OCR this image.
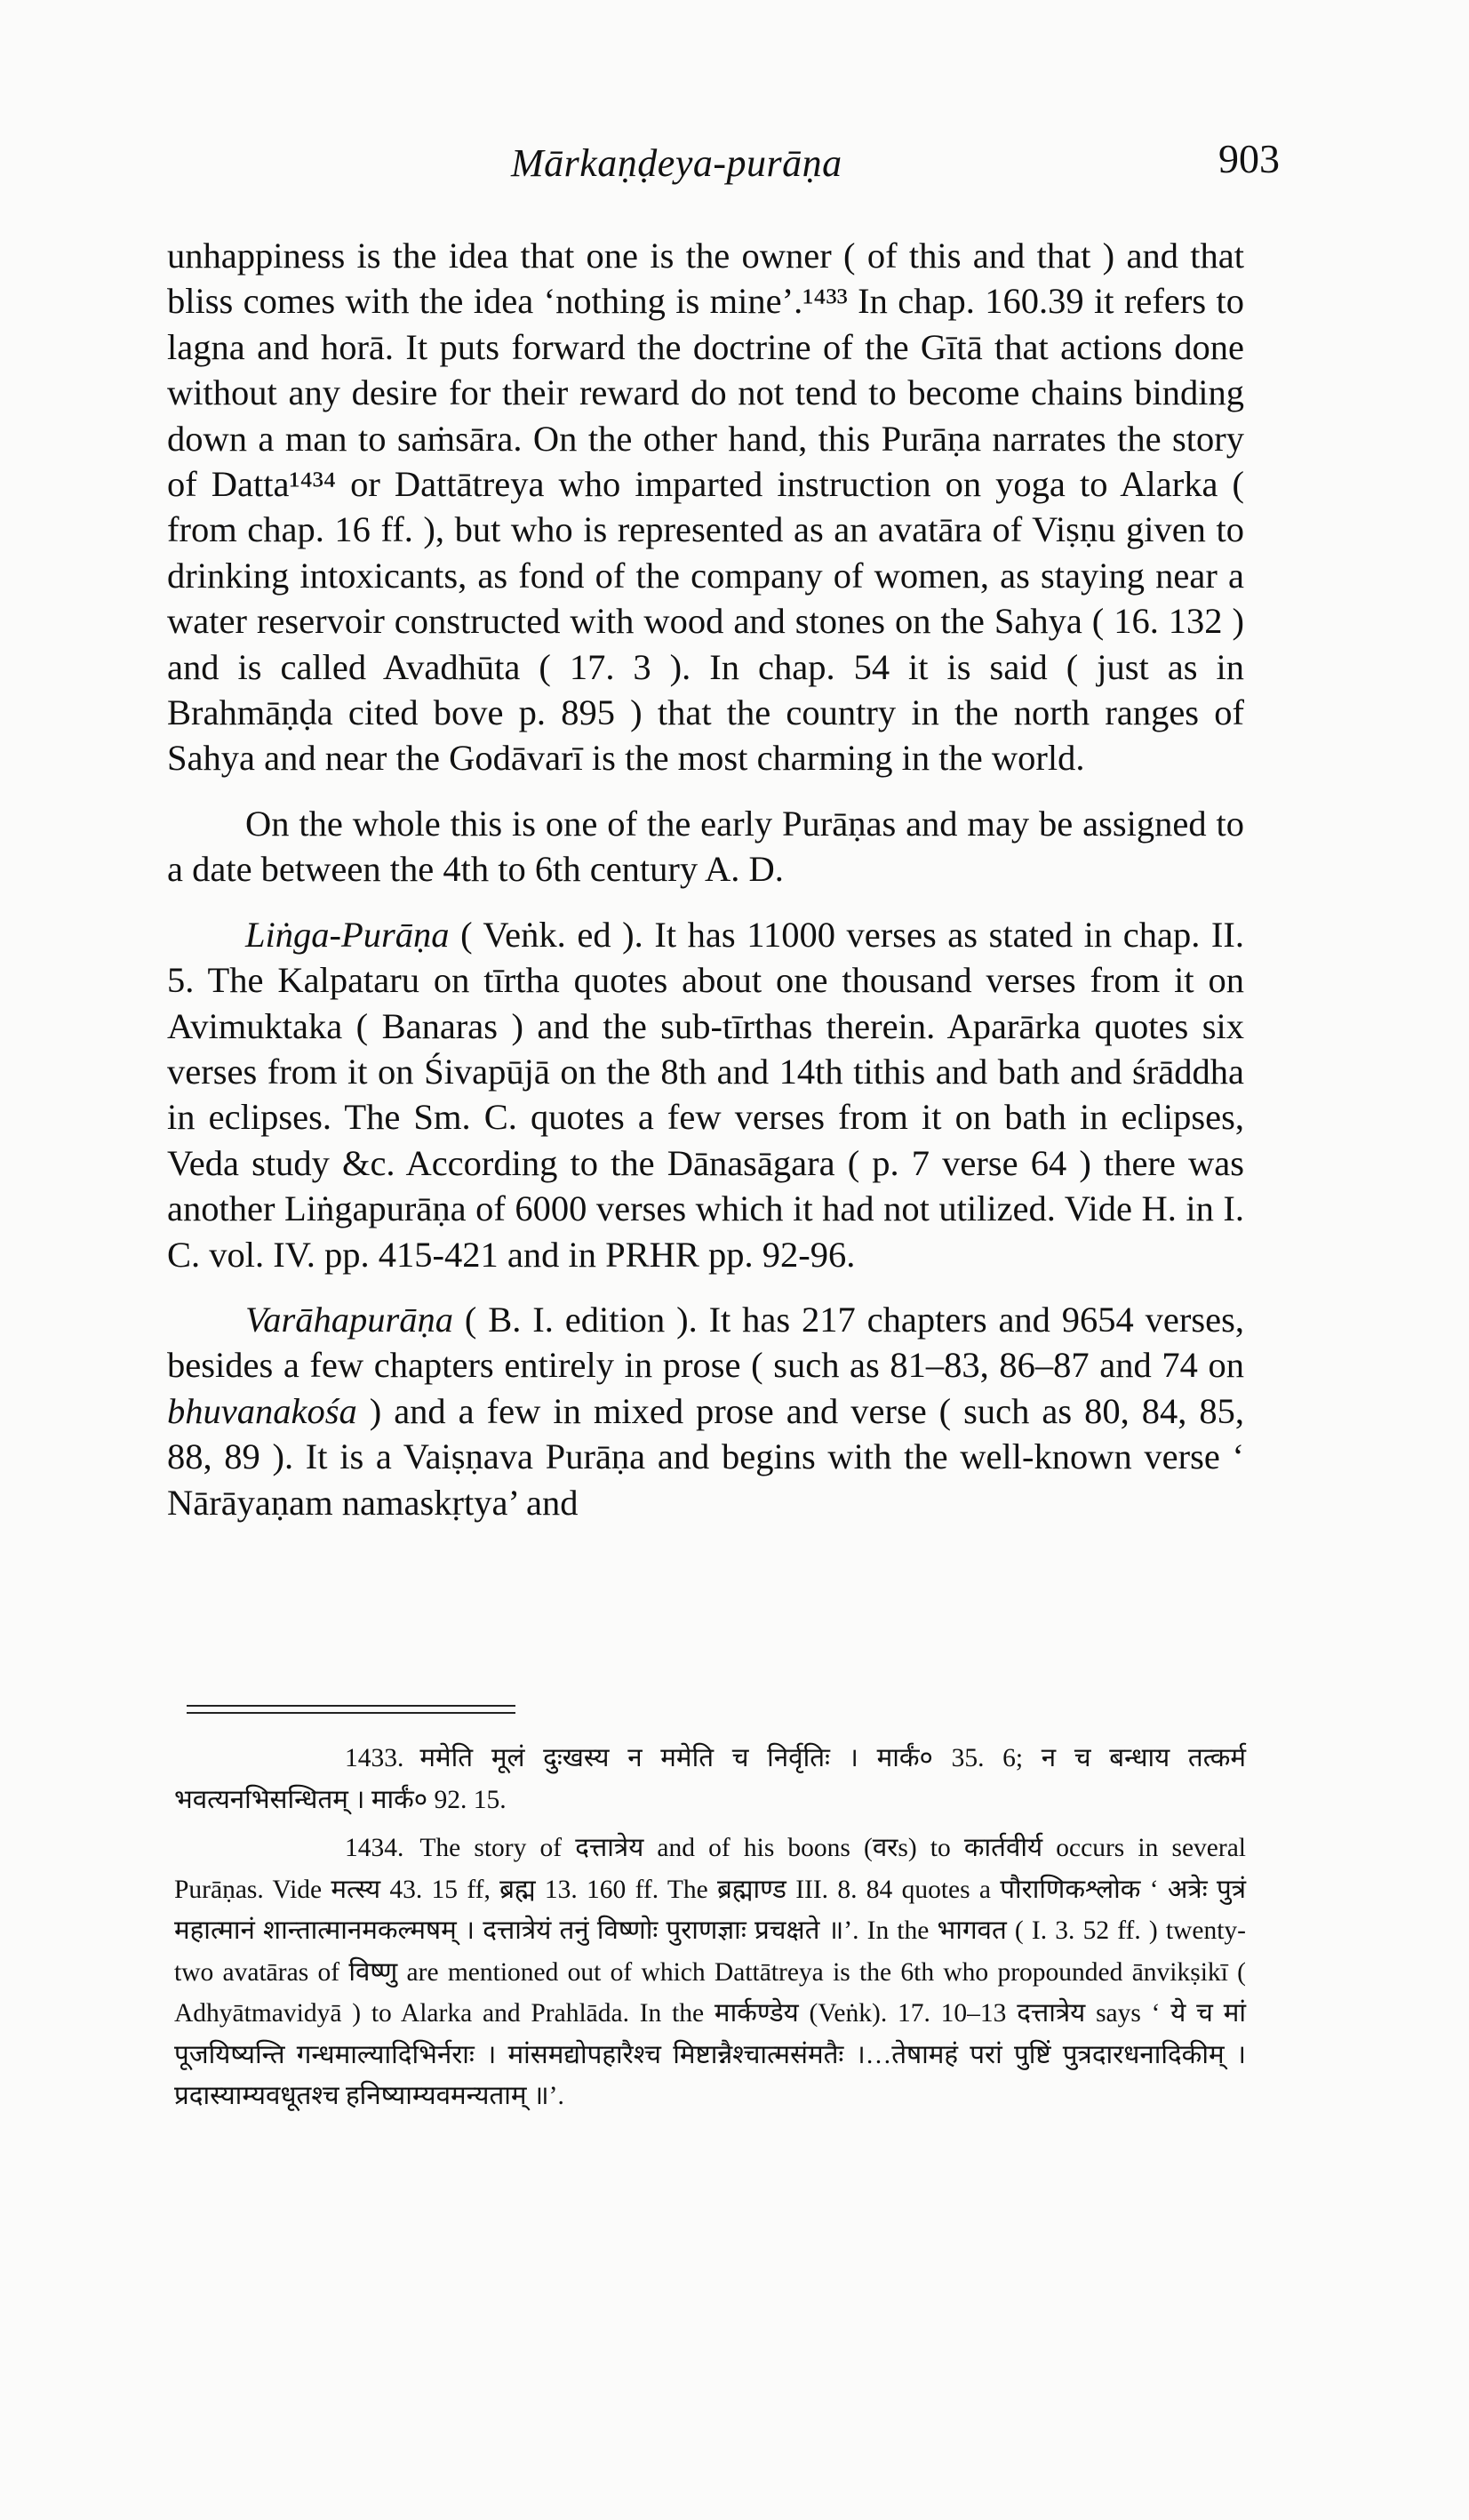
Mārkaṇḍeya-purāṇa	903

unhappiness is the idea that one is the owner ( of this and that ) and that bliss comes with the idea ‘nothing is mine’.¹⁴³³ In chap. 160.39 it refers to lagna and horā. It puts forward the doctrine of the Gītā that actions done without any desire for their reward do not tend to become chains binding down a man to saṁsāra. On the other hand, this Purāṇa narrates the story of Datta¹⁴³⁴ or Dattātreya who imparted instruction on yoga to Alarka ( from chap. 16 ff. ), but who is represented as an avatāra of Viṣṇu given to drinking intoxicants, as fond of the company of women, as staying near a water reservoir constructed with wood and stones on the Sahya ( 16. 132 ) and is called Avadhūta ( 17. 3 ). In chap. 54 it is said ( just as in Brahmāṇḍa cited bove p. 895 ) that the country in the north ranges of Sahya and near the Godāvarī is the most charming in the world.

On the whole this is one of the early Purāṇas and may be assigned to a date between the 4th to 6th century A. D.

Liṅga-Purāṇa ( Veṅk. ed ). It has 11000 verses as stated in chap. II. 5. The Kalpataru on tīrtha quotes about one thousand verses from it on Avimuktaka ( Banaras ) and the sub-tīrthas therein. Aparārka quotes six verses from it on Śivapūjā on the 8th and 14th tithis and bath and śrāddha in eclipses. The Sm. C. quotes a few verses from it on bath in eclipses, Veda study &c. According to the Dānasāgara ( p. 7 verse 64 ) there was another Liṅgapurāṇa of 6000 verses which it had not utilized. Vide H. in I. C. vol. IV. pp. 415-421 and in PRHR pp. 92-96.

Varāhapurāṇa ( B. I. edition ). It has 217 chapters and 9654 verses, besides a few chapters entirely in prose ( such as 81–83, 86–87 and 74 on bhuvanakośa ) and a few in mixed prose and verse ( such as 80, 84, 85, 88, 89 ). It is a Vaiṣṇava Purāṇa and begins with the well-known verse ‘ Nārāyaṇam namaskṛtya’ and

1433. ममेति मूलं दुःखस्य न ममेति च निर्वृतिः । मार्कं० 35. 6; न च बन्धाय तत्कर्म भवत्यनभिसन्धितम् । मार्कं० 92. 15.

1434. The story of दत्तात्रेय and of his boons (वरs) to कार्तवीर्य occurs in several Purāṇas. Vide मत्स्य 43. 15 ff, ब्रह्म 13. 160 ff. The ब्रह्माण्ड III. 8. 84 quotes a पौराणिकश्लोक ‘ अत्रेः पुत्रं महात्मानं शान्तात्मानमकल्मषम् । दत्तात्रेयं तनुं विष्णोः पुराणज्ञाः प्रचक्षते ॥’. In the भागवत ( I. 3. 52 ff. ) twenty-two avatāras of विष्णु are mentioned out of which Dattātreya is the 6th who propounded ānvikṣikī ( Adhyātmavidyā ) to Alarka and Prahlāda. In the मार्कण्डेय (Veṅk). 17. 10–13 दत्तात्रेय says ‘ ये च मां पूजयिष्यन्ति गन्धमाल्यादिभिर्नराः । मांसमद्योपहारैश्च मिष्टान्नैश्चात्मसंमतैः ।…तेषामहं परां पुष्टिं पुत्रदारधनादिकीम् । प्रदास्याम्यवधूतश्च हनिष्याम्यवमन्यताम् ॥’.
